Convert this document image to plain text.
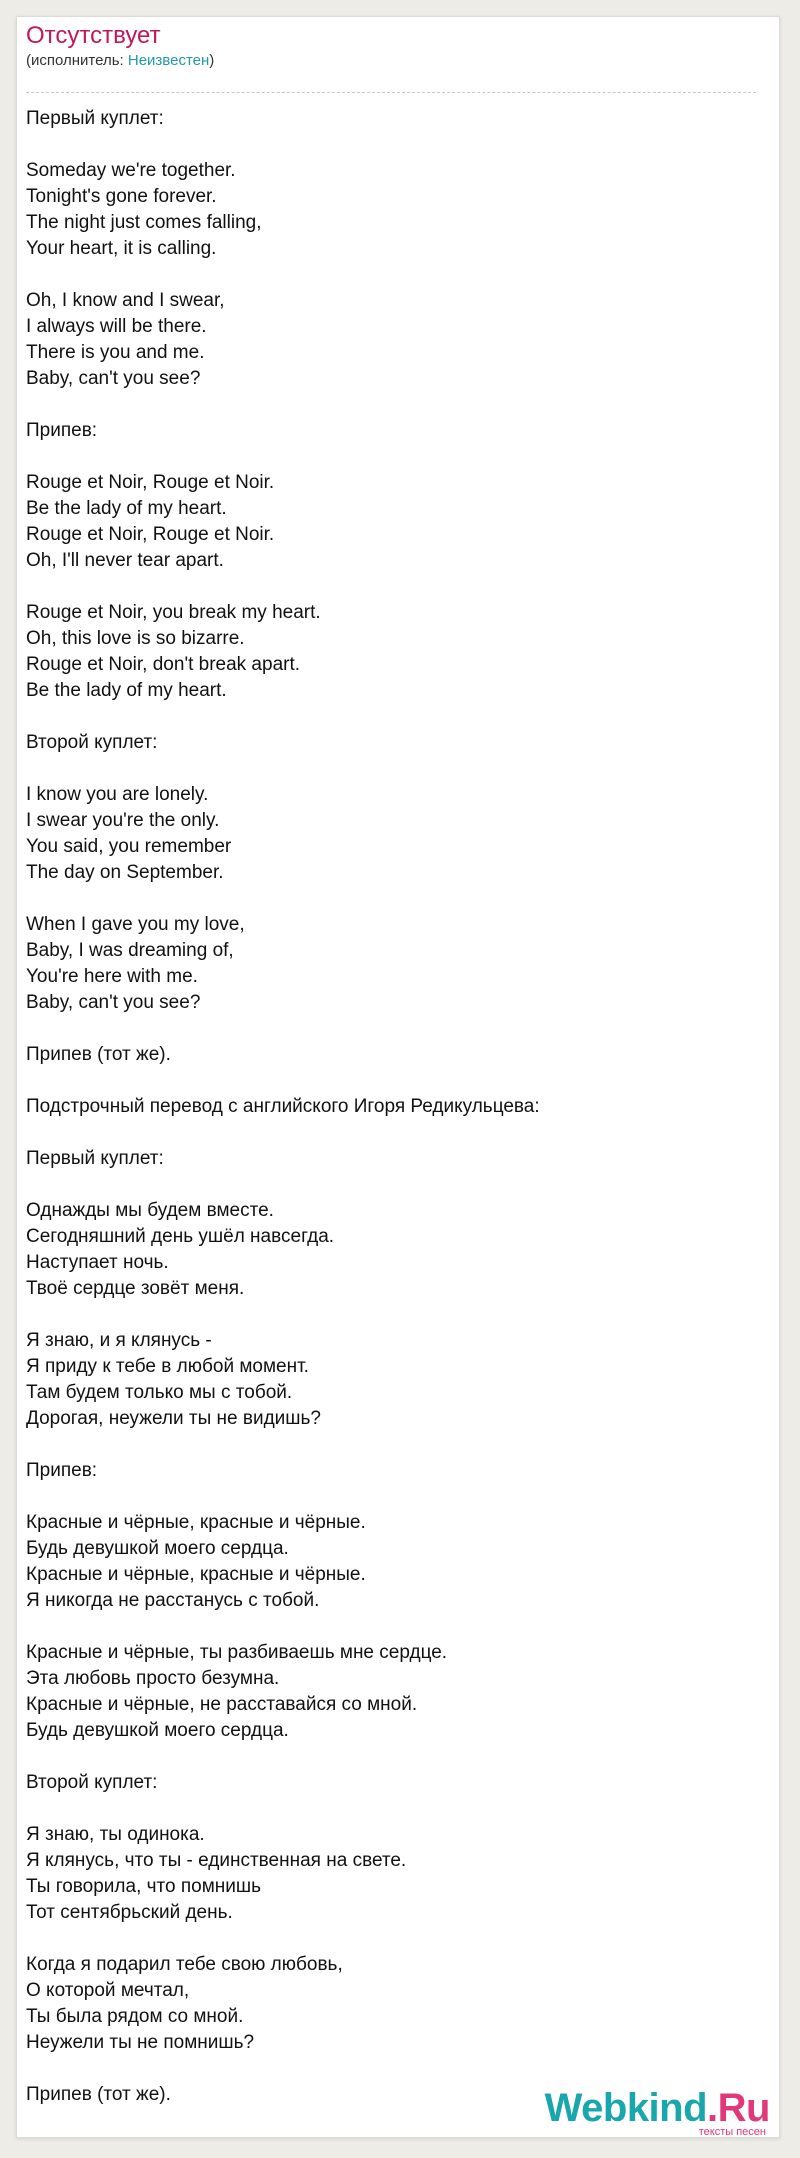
Отсутствует
(исполнитель: Неизвестен)
Первый куплет:
Someday we're together.
Tonight's gone forever.
The night just comes falling,
Your heart, it is calling.
Oh, I know and I swear,
I always will be there.
There is you and me.
Baby, can't you see?
Припев:
Rouge et Noir, Rouge et Noir.
Be the lady of my heart.
Rouge et Noir, Rouge et Noir.
Oh, I'll never tear apart.
Rouge et Noir, you break my heart.
Oh, this love is so bizarre.
Rouge et Noir, don't break apart.
Be the lady of my heart.
Второй куплет:
I know you are lonely.
I swear you're the only.
You said, you remember
The day on September.
When I gave you my love,
Baby, I was dreaming of,
You're here with me.
Baby, can't you see?
Припев (тот же).
Подстрочный перевод с английского Игоря Редикульцева:
Первый куплет:
Однажды мы будем вместе.
Сегодняшний день ушёл навсегда.
Наступает ночь.
Твоё сердце зовёт меня.
Я знаю, и я клянусь -
Я приду к тебе в любой момент.
Там будем только мы с тобой.
Дорогая, неужели ты не видишь?
Припев:
Красные и чёрные, красные и чёрные.
Будь девушкой моего сердца.
Красные и чёрные, красные и чёрные.
Я никогда не расстанусь с тобой.
Красные и чёрные, ты разбиваешь мне сердце.
Эта любовь просто безумна.
Красные и чёрные, не расставайся со мной.
Будь девушкой моего сердца.
Второй куплет:
Я знаю, ты одинока.
Я клянусь, что ты - единственная на свете.
Ты говорила, что помнишь
Тот сентябрьский день.
Когда я подарил тебе свою любовь,
О которой мечтал,
Ты была рядом со мной.
Неужели ты не помнишь?
Припев (тот же).	Webkind.Ru
тексты песен
